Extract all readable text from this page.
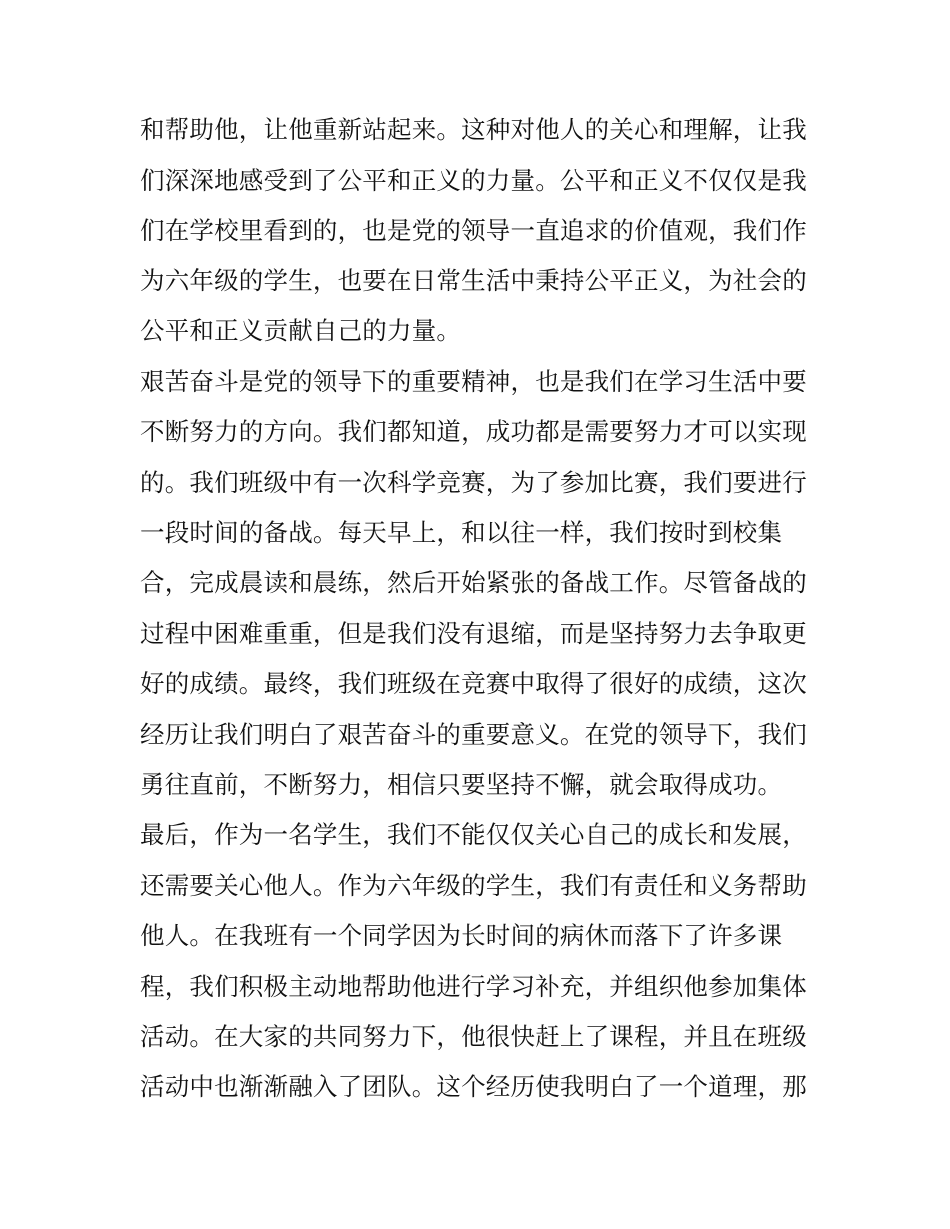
和帮助他，让他重新站起来。这种对他人的关心和理解，让我
们深深地感受到了公平和正义的力量。公平和正义不仅仅是我
们在学校里看到的，也是党的领导一直追求的价值观，我们作
为六年级的学生，也要在日常生活中秉持公平正义，为社会的
公平和正义贡献自己的力量。
艰苦奋斗是党的领导下的重要精神，也是我们在学习生活中要
不断努力的方向。我们都知道，成功都是需要努力才可以实现
的。我们班级中有一次科学竞赛，为了参加比赛，我们要进行
一段时间的备战。每天早上，和以往一样，我们按时到校集
合，完成晨读和晨练，然后开始紧张的备战工作。尽管备战的
过程中困难重重，但是我们没有退缩，而是坚持努力去争取更
好的成绩。最终，我们班级在竞赛中取得了很好的成绩，这次
经历让我们明白了艰苦奋斗的重要意义。在党的领导下，我们
勇往直前，不断努力，相信只要坚持不懈，就会取得成功。
最后，作为一名学生，我们不能仅仅关心自己的成长和发展，
还需要关心他人。作为六年级的学生，我们有责任和义务帮助
他人。在我班有一个同学因为长时间的病休而落下了许多课
程，我们积极主动地帮助他进行学习补充，并组织他参加集体
活动。在大家的共同努力下，他很快赶上了课程，并且在班级
活动中也渐渐融入了团队。这个经历使我明白了一个道理，那
